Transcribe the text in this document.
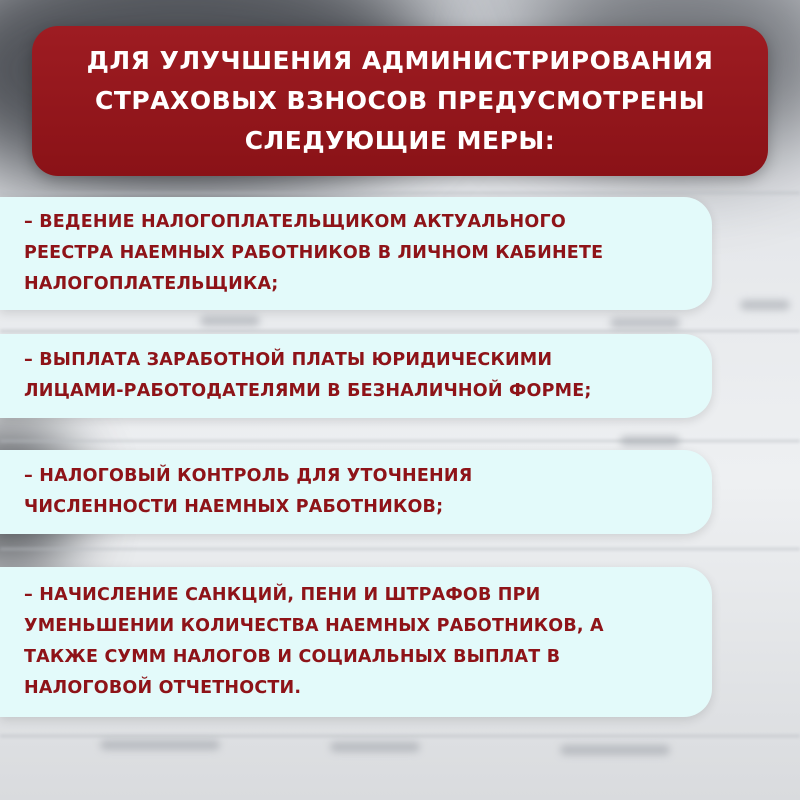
ДЛЯ УЛУЧШЕНИЯ АДМИНИСТРИРОВАНИЯ
СТРАХОВЫХ ВЗНОСОВ ПРЕДУСМОТРЕНЫ
СЛЕДУЮЩИЕ МЕРЫ:
– ВЕДЕНИЕ НАЛОГОПЛАТЕЛЬЩИКОМ АКТУАЛЬНОГО
РЕЕСТРА НАЕМНЫХ РАБОТНИКОВ В ЛИЧНОМ КАБИНЕТЕ
НАЛОГОПЛАТЕЛЬЩИКА;
– ВЫПЛАТА ЗАРАБОТНОЙ ПЛАТЫ ЮРИДИЧЕСКИМИ
ЛИЦАМИ-РАБОТОДАТЕЛЯМИ В БЕЗНАЛИЧНОЙ ФОРМЕ;
– НАЛОГОВЫЙ КОНТРОЛЬ ДЛЯ УТОЧНЕНИЯ
ЧИСЛЕННОСТИ НАЕМНЫХ РАБОТНИКОВ;
– НАЧИСЛЕНИЕ САНКЦИЙ, ПЕНИ И ШТРАФОВ ПРИ
УМЕНЬШЕНИИ КОЛИЧЕСТВА НАЕМНЫХ РАБОТНИКОВ, А
ТАКЖЕ СУММ НАЛОГОВ И СОЦИАЛЬНЫХ ВЫПЛАТ В
НАЛОГОВОЙ ОТЧЕТНОСТИ.
